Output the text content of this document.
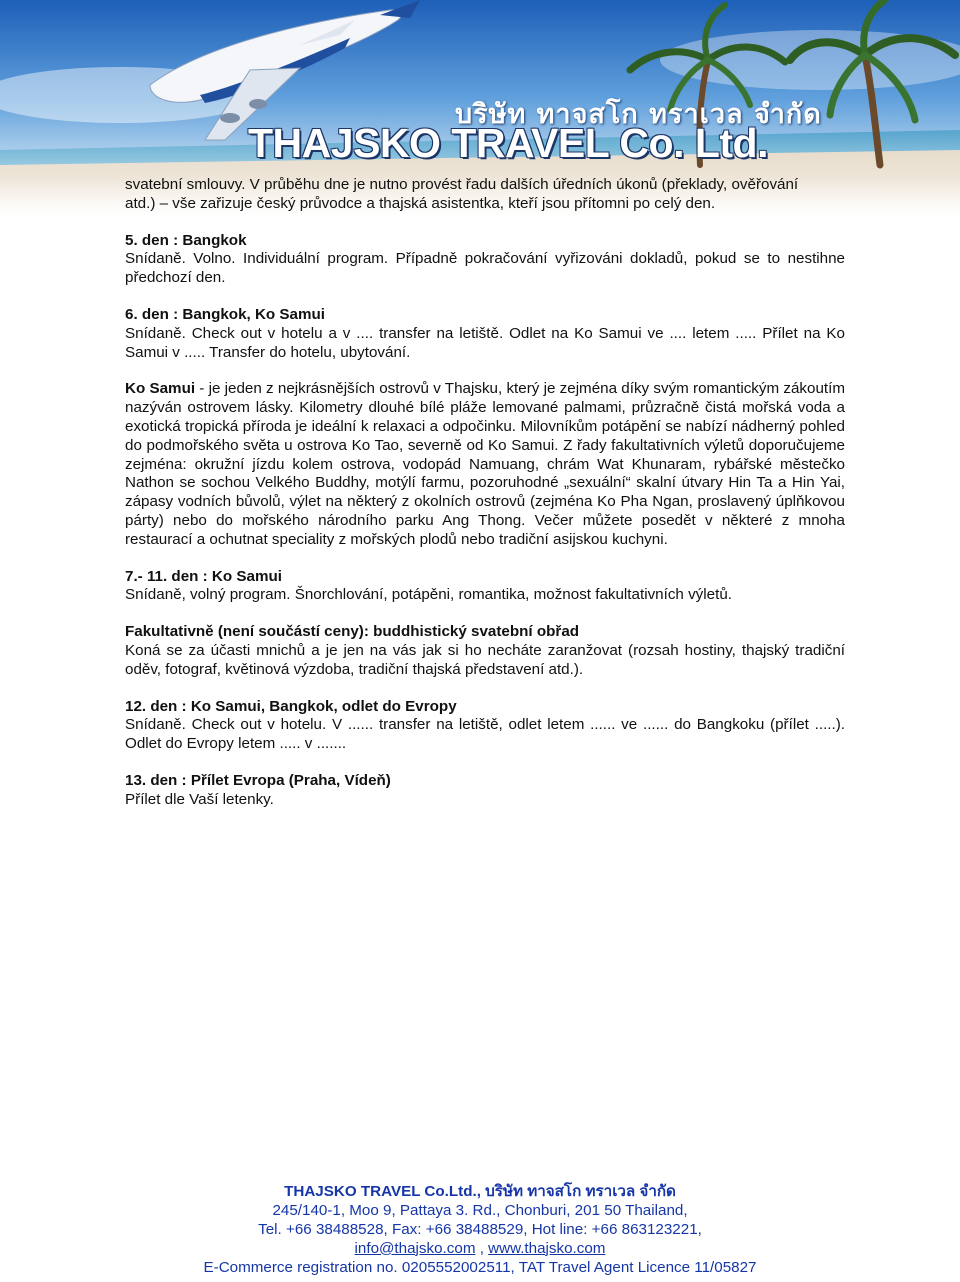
บริษัท ทาจสโก ทราเวล จำกัด
THAJSKO TRAVEL Co. Ltd.

svatební smlouvy. V průběhu dne je nutno provést řadu dalších úředních úkonů (překlady, ověřování

atd.) – vše zařizuje český průvodce a thajská asistentka, kteří jsou přítomni po celý den.

5. den : Bangkok

Snídaně. Volno. Individuální program. Případně pokračování vyřizováni dokladů, pokud se to nestihne předchozí den.

6. den : Bangkok, Ko Samui

Snídaně. Check out v hotelu a v .... transfer na letiště. Odlet na Ko Samui ve .... letem ..... Přílet na Ko Samui v ..... Transfer do hotelu, ubytování.

Ko Samui - je jeden z nejkrásnějších ostrovů v Thajsku, který je zejména díky svým romantickým zákoutím nazýván ostrovem lásky. Kilometry dlouhé bílé pláže lemované palmami, průzračně čistá mořská voda a exotická tropická příroda je ideální k relaxaci a odpočinku. Milovníkům potápění se nabízí nádherný pohled do podmořského světa u ostrova Ko Tao, severně od Ko Samui. Z řady fakultativních výletů doporučujeme zejména: okružní jízdu kolem ostrova, vodopád Namuang, chrám Wat Khunaram, rybářské městečko Nathon se sochou Velkého Buddhy, motýlí farmu, pozoruhodné „sexuální“ skalní útvary Hin Ta a Hin Yai, zápasy vodních bůvolů, výlet na některý z okolních ostrovů (zejména Ko Pha Ngan, proslavený úplňkovou párty) nebo do mořského národního parku Ang Thong. Večer můžete posedět v některé z mnoha restaurací a ochutnat speciality z mořských plodů nebo tradiční asijskou kuchyni.

7.- 11. den : Ko Samui

Snídaně, volný program. Šnorchlování, potápěni, romantika, možnost fakultativních výletů.

Fakultativně (není součástí ceny): buddhistický svatební obřad

Koná se za účasti mnichů a je jen na vás jak si ho necháte zaranžovat (rozsah hostiny, thajský tradiční oděv, fotograf, květinová výzdoba, tradiční thajská představení atd.).

12. den : Ko Samui, Bangkok, odlet do Evropy

Snídaně. Check out v hotelu. V ...... transfer na letiště, odlet letem ...... ve ...... do Bangkoku (přílet .....). Odlet do Evropy letem ..... v .......

13. den : Přílet Evropa (Praha, Vídeň)

Přílet dle Vaší letenky.

THAJSKO TRAVEL Co.Ltd., บริษัท ทาจสโก ทราเวล จำกัด

245/140-1, Moo 9, Pattaya 3. Rd., Chonburi, 201 50 Thailand,

Tel. +66 38488528, Fax: +66 38488529, Hot line: +66 863123221,

info@thajsko.com , www.thajsko.com

E-Commerce registration no. 0205552002511, TAT Travel Agent Licence 11/05827
